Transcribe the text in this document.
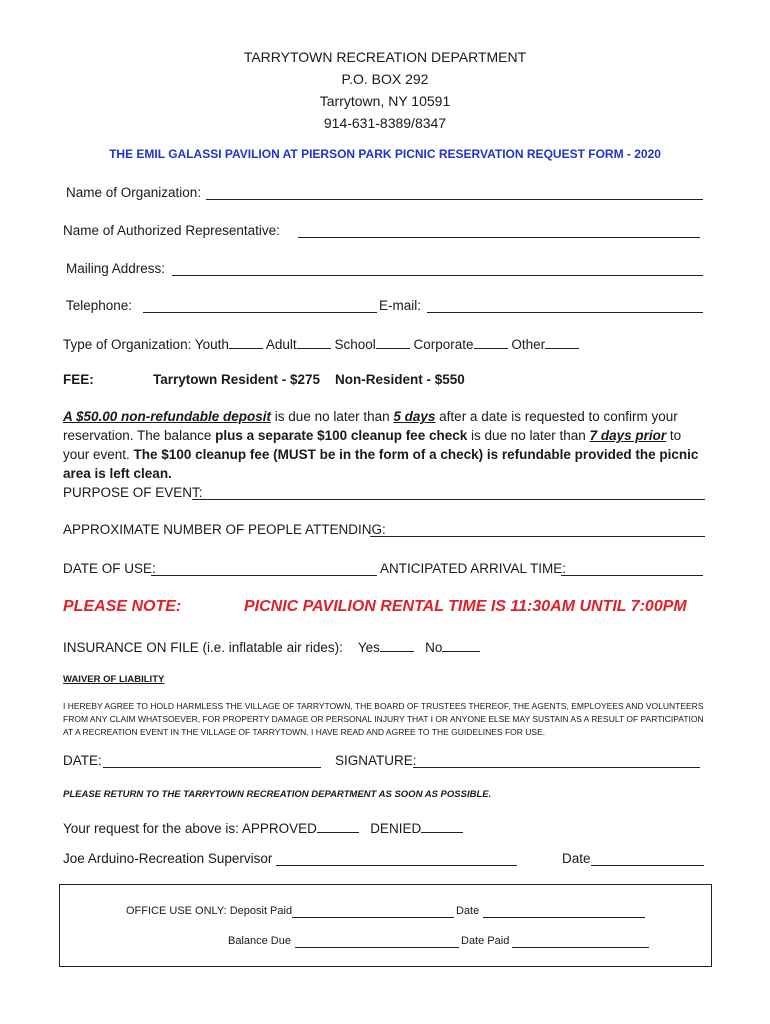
TARRYTOWN RECREATION DEPARTMENT
P.O. BOX 292
Tarrytown, NY 10591
914-631-8389/8347
THE EMIL GALASSI PAVILION AT PIERSON PARK PICNIC RESERVATION REQUEST FORM - 2020
Name of Organization:
Name of Authorized Representative:
Mailing Address:
Telephone:	E-mail:
Type of Organization: Youth	Adult	School	Corporate	Other
FEE:	Tarrytown Resident - $275 Non-Resident - $550
A $50.00 non-refundable deposit is due no later than 5 days after a date is requested to confirm your reservation. The balance plus a separate $100 cleanup fee check is due no later than 7 days prior to your event. The $100 cleanup fee (MUST be in the form of a check) is refundable provided the picnic area is left clean.
PURPOSE OF EVENT:
APPROXIMATE NUMBER OF PEOPLE ATTENDING:
DATE OF USE:	ANTICIPATED ARRIVAL TIME:
PLEASE NOTE:	PICNIC PAVILION RENTAL TIME IS 11:30AM UNTIL 7:00PM
INSURANCE ON FILE (i.e. inflatable air rides): Yes	No
WAIVER OF LIABILITY
I HEREBY AGREE TO HOLD HARMLESS THE VILLAGE OF TARRYTOWN, THE BOARD OF TRUSTEES THEREOF, THE AGENTS, EMPLOYEES AND VOLUNTEERS FROM ANY CLAIM WHATSOEVER, FOR PROPERTY DAMAGE OR PERSONAL INJURY THAT I OR ANYONE ELSE MAY SUSTAIN AS A RESULT OF PARTICIPATION AT A RECREATION EVENT IN THE VILLAGE OF TARRYTOWN. I HAVE READ AND AGREE TO THE GUIDELINES FOR USE.
DATE:	SIGNATURE:
PLEASE RETURN TO THE TARRYTOWN RECREATION DEPARTMENT AS SOON AS POSSIBLE.
Your request for the above is: APPROVED	DENIED
Joe Arduino-Recreation Supervisor	Date
OFFICE USE ONLY: Deposit Paid	Date
Balance Due	Date Paid
